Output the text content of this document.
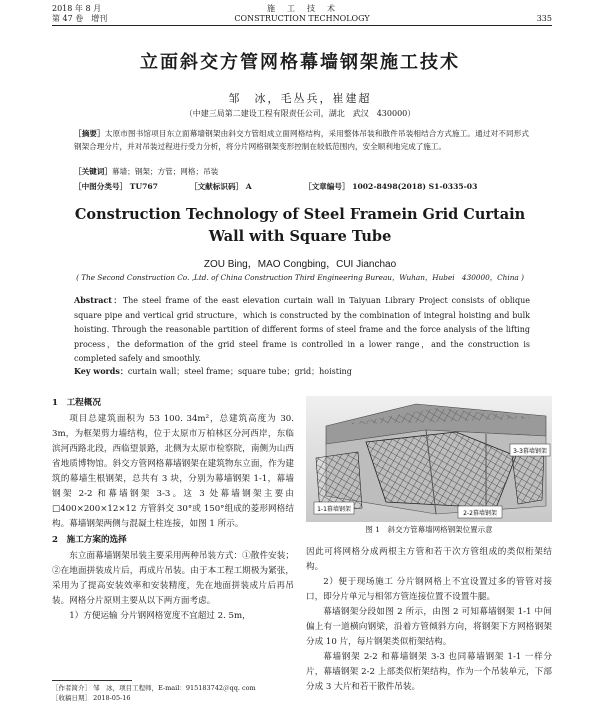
2018 年 8 月
第 47 卷　增刊
施　工　技　术
CONSTRUCTION TECHNOLOGY	335
立面斜交方管网格幕墙钢架施工技术
邹　冰，毛丛兵，崔建超
（中建三局第二建设工程有限责任公司，湖北　武汉　430000）
［摘要］太原市图书馆项目东立面幕墙钢架由斜交方管组成立面网格结构，采用整体吊装和散件吊装相结合方式施工。通过对不同形式钢架合理分片，并对吊装过程进行受力分析，将分片网格钢架变形控制在较低范围内，安全顺利地完成了施工。
［关键词］幕墙；钢架；方管；网格；吊装
［中图分类号］ TU767	［文献标识码］ A	［文章编号］ 1002-8498(2018) S1-0335-03
Construction Technology of Steel Framein Grid Curtain
Wall with Square Tube
ZOU Bing，MAO Congbing，CUI Jianchao
( The Second Construction Co. ,Ltd. of China Construction Third Engineering Bureau，Wuhan，Hubei　430000，China )
Abstract：The steel frame of the east elevation curtain wall in Taiyuan Library Project consists of oblique square pipe and vertical grid structure，which is constructed by the combination of integral hoisting and bulk hoisting. Through the reasonable partition of different forms of steel frame and the force analysis of the lifting process，the deformation of the grid steel frame is controlled in a lower range，and the construction is completed safely and smoothly.
Key words：curtain wall；steel frame；square tube；grid；hoisting
1　工程概况

项目总建筑面积为 53 100. 34m²，总建筑高度为 30. 3m，为框架剪力墙结构，位于太原市万柏林区分河西岸，东临滨河西路北段，西临望景路，北侧为太原市检察院，南侧为山西省地质博物馆。斜交方管网格幕墙钢架在建筑物东立面，作为建筑的幕墙生根钢架，总共有 3 块，分别为幕墙钢架 1-1，幕墙钢架 2-2 和幕墙钢架 3-3。这 3 处幕墙钢架主要由□400×200×12×12 方管斜交 30°或 150°组成的菱形网格结构。幕墙钢架两侧与混凝土柱连接，如图 1 所示。

2　施工方案的选择

东立面幕墙钢架吊装主要采用两种吊装方式：①散件安装；②在地面拼装成片后，再成片吊装。由于本工程工期极为紧张，采用为了提高安装效率和安装精度，先在地面拼装成片后再吊装。网格分片原则主要从以下两方面考虑。

1）方便运输 分片钢网格宽度不宜超过 2. 5m，

1-1幕墙钢架
2-2幕墙钢架
3-3幕墙钢架
图 1　斜交方管幕墙网格钢架位置示意

因此可将网格分成两根主方管和若干次方管组成的类似桁架结构。

2）便于现场施工 分片钢网格上不宜设置过多的管管对接口，即分片单元与相邻方管连接位置不设置牛腿。

幕墙钢架分段如图 2 所示，由图 2 可知幕墙钢架 1-1 中间偏上有一道横向钢梁，沿着方管倾斜方向，将钢架下方网格钢架分成 10 片，每片钢架类似桁架结构。

幕墙钢架 2-2 和幕墙钢架 3-3 也同幕墙钢架 1-1 一样分片，幕墙钢架 2-2 上部类似桁架结构，作为一个吊装单元，下部分成 3 大片和若干散件吊装。

［作者简介］ 邹　冰，项目工程师，E-mail：915183742＠qq. com
［收稿日期］ 2018-05-16
